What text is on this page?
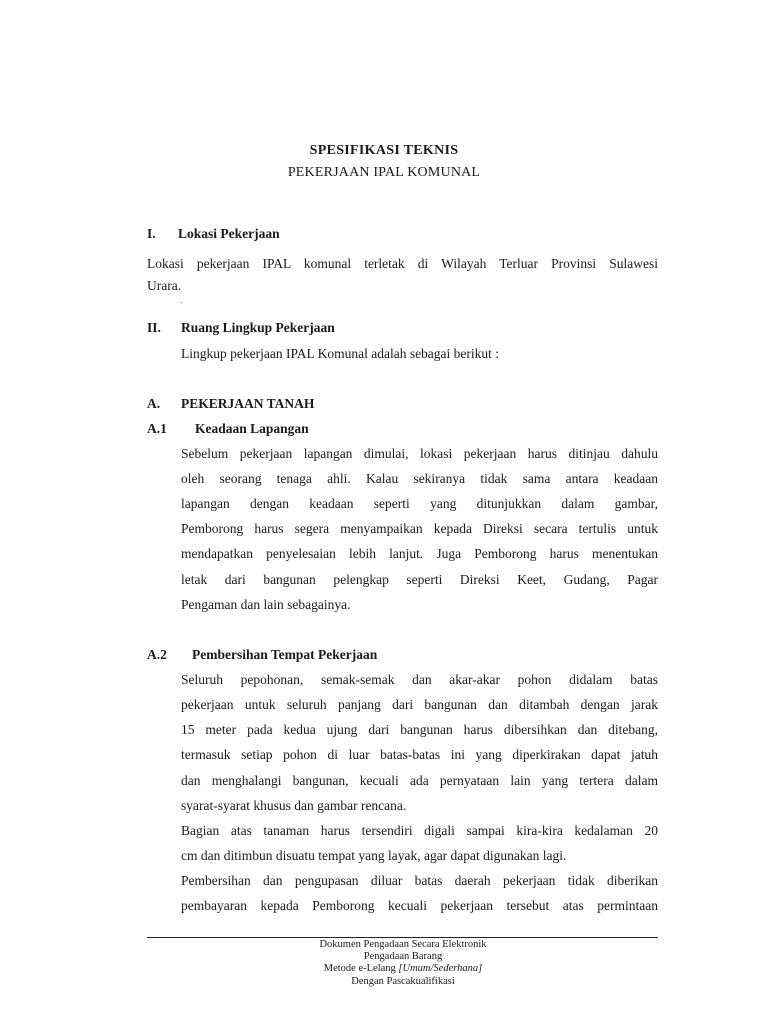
SPESIFIKASI TEKNIS
PEKERJAAN IPAL KOMUNAL
I. Lokasi Pekerjaan
Lokasi pekerjaan IPAL komunal terletak di Wilayah Terluar Provinsi Sulawesi
Urara.
.
II. Ruang Lingkup Pekerjaan
Lingkup pekerjaan IPAL Komunal adalah sebagai berikut :
A. PEKERJAAN TANAH
A.1 Keadaan Lapangan
Sebelum pekerjaan lapangan dimulai, lokasi pekerjaan harus ditinjau dahulu
oleh seorang tenaga ahli. Kalau sekiranya tidak sama antara keadaan
lapangan dengan keadaan seperti yang ditunjukkan dalam gambar,
Pemborong harus segera menyampaikan kepada Direksi secara tertulis untuk
mendapatkan penyelesaian lebih lanjut. Juga Pemborong harus menentukan
letak dari bangunan pelengkap seperti Direksi Keet, Gudang, Pagar
Pengaman dan lain sebagainya.
A.2 Pembersihan Tempat Pekerjaan
Seluruh pepohonan, semak-semak dan akar-akar pohon didalam batas
pekerjaan untuk seluruh panjang dari bangunan dan ditambah dengan jarak
15 meter pada kedua ujung dari bangunan harus dibersihkan dan ditebang,
termasuk setiap pohon di luar batas-batas ini yang diperkirakan dapat jatuh
dan menghalangi bangunan, kecuali ada pernyataan lain yang tertera dalam
syarat-syarat khusus dan gambar rencana.
Bagian atas tanaman harus tersendiri digali sampai kira-kira kedalaman 20
cm dan ditimbun disuatu tempat yang layak, agar dapat digunakan lagi.
Pembersihan dan pengupasan diluar batas daerah pekerjaan tidak diberikan
pembayaran kepada Pemborong kecuali pekerjaan tersebut atas permintaan
Dokumen Pengadaan Secara Elektronik
Pengadaan Barang
Metode e-Lelang [Umum/Sederhana]
Dengan Pascakualifikasi
